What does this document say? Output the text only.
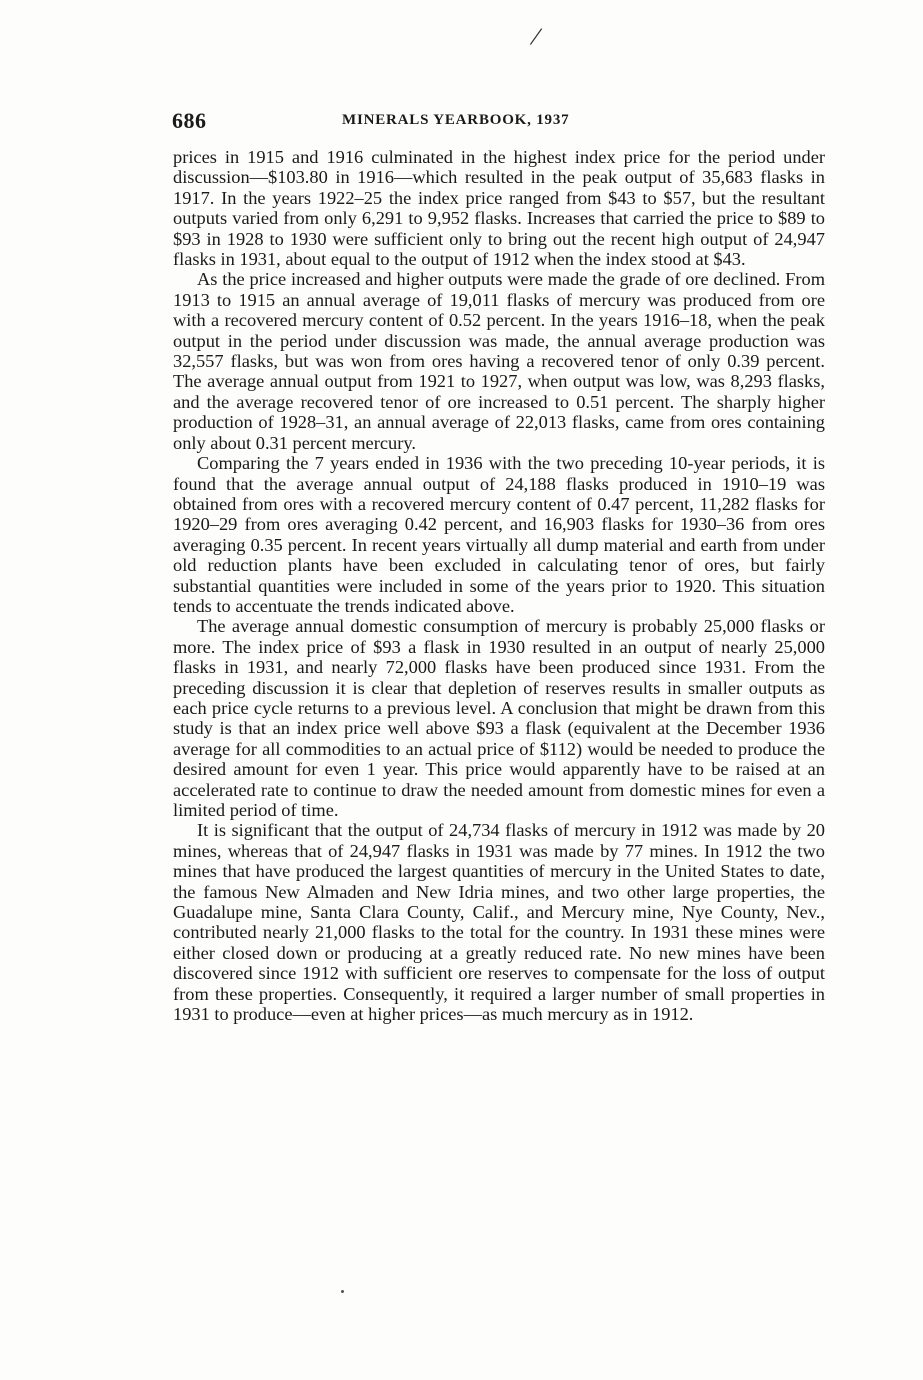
/
686	MINERALS YEARBOOK, 1937

prices in 1915 and 1916 culminated in the highest index price for the period under discussion—$103.80 in 1916—which resulted in the peak output of 35,683 flasks in 1917. In the years 1922–25 the index price ranged from $43 to $57, but the resultant outputs varied from only 6,291 to 9,952 flasks. Increases that carried the price to $89 to $93 in 1928 to 1930 were sufficient only to bring out the recent high output of 24,947 flasks in 1931, about equal to the output of 1912 when the index stood at $43.

As the price increased and higher outputs were made the grade of ore declined. From 1913 to 1915 an annual average of 19,011 flasks of mercury was produced from ore with a recovered mercury content of 0.52 percent. In the years 1916–18, when the peak output in the period under discussion was made, the annual average production was 32,557 flasks, but was won from ores having a recovered tenor of only 0.39 percent. The average annual output from 1921 to 1927, when output was low, was 8,293 flasks, and the average recovered tenor of ore increased to 0.51 percent. The sharply higher production of 1928–31, an annual average of 22,013 flasks, came from ores containing only about 0.31 percent mercury.

Comparing the 7 years ended in 1936 with the two preceding 10-year periods, it is found that the average annual output of 24,188 flasks produced in 1910–19 was obtained from ores with a recovered mercury content of 0.47 percent, 11,282 flasks for 1920–29 from ores averaging 0.42 percent, and 16,903 flasks for 1930–36 from ores averaging 0.35 percent. In recent years virtually all dump material and earth from under old reduction plants have been excluded in calculating tenor of ores, but fairly substantial quantities were included in some of the years prior to 1920. This situation tends to accentuate the trends indicated above.

The average annual domestic consumption of mercury is probably 25,000 flasks or more. The index price of $93 a flask in 1930 resulted in an output of nearly 25,000 flasks in 1931, and nearly 72,000 flasks have been produced since 1931. From the preceding discussion it is clear that depletion of reserves results in smaller outputs as each price cycle returns to a previous level. A conclusion that might be drawn from this study is that an index price well above $93 a flask (equivalent at the December 1936 average for all commodities to an actual price of $112) would be needed to produce the desired amount for even 1 year. This price would apparently have to be raised at an accelerated rate to continue to draw the needed amount from domestic mines for even a limited period of time.

It is significant that the output of 24,734 flasks of mercury in 1912 was made by 20 mines, whereas that of 24,947 flasks in 1931 was made by 77 mines. In 1912 the two mines that have produced the largest quantities of mercury in the United States to date, the famous New Almaden and New Idria mines, and two other large properties, the Guadalupe mine, Santa Clara County, Calif., and Mercury mine, Nye County, Nev., contributed nearly 21,000 flasks to the total for the country. In 1931 these mines were either closed down or producing at a greatly reduced rate. No new mines have been discovered since 1912 with sufficient ore reserves to compensate for the loss of output from these properties. Consequently, it required a larger number of small properties in 1931 to produce—even at higher prices—as much mercury as in 1912.
